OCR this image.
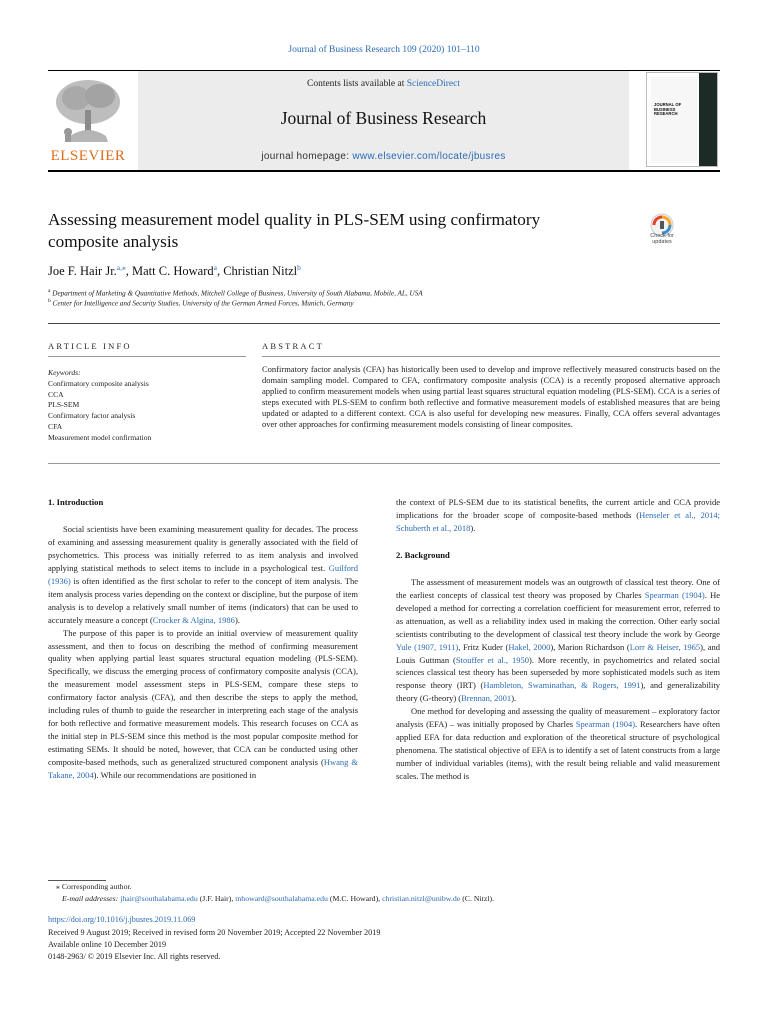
Journal of Business Research 109 (2020) 101–110
ELSEVIER
Contents lists available at ScienceDirect
Journal of Business Research
journal homepage: www.elsevier.com/locate/jbusres
JOURNAL OF BUSINESS RESEARCH
Assessing measurement model quality in PLS-SEM using confirmatory composite analysis	Check for updates
Joe F. Hair Jr.$^{a,⁎}$, Matt C. Howard$^a$, Christian Nitzl$^b$
$^a$ Department of Marketing & Quantitative Methods, Mitchell College of Business, University of South Alabama, Mobile, AL, USA
$^b$ Center for Intelligence and Security Studies, University of the German Armed Forces, Munich, Germany
ARTICLE INFO	ABSTRACT
Keywords:
Confirmatory composite analysis
CCA
PLS-SEM
Confirmatory factor analysis
CFA
Measurement model confirmation
Confirmatory factor analysis (CFA) has historically been used to develop and improve reflectively measured constructs based on the domain sampling model. Compared to CFA, confirmatory composite analysis (CCA) is a recently proposed alternative approach applied to confirm measurement models when using partial least squares structural equation modeling (PLS-SEM). CCA is a series of steps executed with PLS-SEM to confirm both reflective and formative measurement models of established measures that are being updated or adapted to a different context. CCA is also useful for developing new measures. Finally, CCA offers several advantages over other approaches for confirming measurement models consisting of linear composites.
1. Introduction

Social scientists have been examining measurement quality for decades. The process of examining and assessing measurement quality is generally associated with the field of psychometrics. This process was initially referred to as item analysis and involved applying statistical methods to select items to include in a psychological test. Guilford (1936) is often identified as the first scholar to refer to the concept of item analysis. The item analysis process varies depending on the context or discipline, but the purpose of item analysis is to develop a relatively small number of items (indicators) that can be used to accurately measure a concept (Crocker & Algina, 1986).

The purpose of this paper is to provide an initial overview of measurement quality assessment, and then to focus on describing the method of confirming measurement quality when applying partial least squares structural equation modeling (PLS-SEM). Specifically, we discuss the emerging process of confirmatory composite analysis (CCA), the measurement model assessment steps in PLS-SEM, compare these steps to confirmatory factor analysis (CFA), and then describe the steps to apply the method, including rules of thumb to guide the researcher in interpreting each stage of the analysis for both reflective and formative measurement models. This research focuses on CCA as the initial step in PLS-SEM since this method is the most popular composite method for estimating SEMs. It should be noted, however, that CCA can be conducted using other composite-based methods, such as generalized structured component analysis (Hwang & Takane, 2004). While our recommendations are positioned in

the context of PLS-SEM due to its statistical benefits, the current article and CCA provide implications for the broader scope of composite-based methods (Henseler et al., 2014; Schuberth et al., 2018).

2. Background

The assessment of measurement models was an outgrowth of classical test theory. One of the earliest concepts of classical test theory was proposed by Charles Spearman (1904). He developed a method for correcting a correlation coefficient for measurement error, referred to as attenuation, as well as a reliability index used in making the correction. Other early social scientists contributing to the development of classical test theory include the work by George Yule (1907, 1911), Fritz Kuder (Hakel, 2000), Marion Richardson (Lorr & Heiser, 1965), and Louis Guttman (Stouffer et al., 1950). More recently, in psychometrics and related social sciences classical test theory has been superseded by more sophisticated models such as item response theory (IRT) (Hambleton, Swaminathan, & Rogers, 1991), and generalizability theory (G-theory) (Brennan, 2001).

One method for developing and assessing the quality of measurement – exploratory factor analysis (EFA) – was initially proposed by Charles Spearman (1904). Researchers have often applied EFA for data reduction and exploration of the theoretical structure of psychological phenomena. The statistical objective of EFA is to identify a set of latent constructs from a large number of individual variables (items), with the result being reliable and valid measurement scales. The method is

⁎ Corresponding author.
E-mail addresses: jhair@southalabama.edu (J.F. Hair), mhoward@southalabama.edu (M.C. Howard), christian.nitzl@unibw.de (C. Nitzl).
https://doi.org/10.1016/j.jbusres.2019.11.069
Received 9 August 2019; Received in revised form 20 November 2019; Accepted 22 November 2019
Available online 10 December 2019
0148-2963/ © 2019 Elsevier Inc. All rights reserved.
